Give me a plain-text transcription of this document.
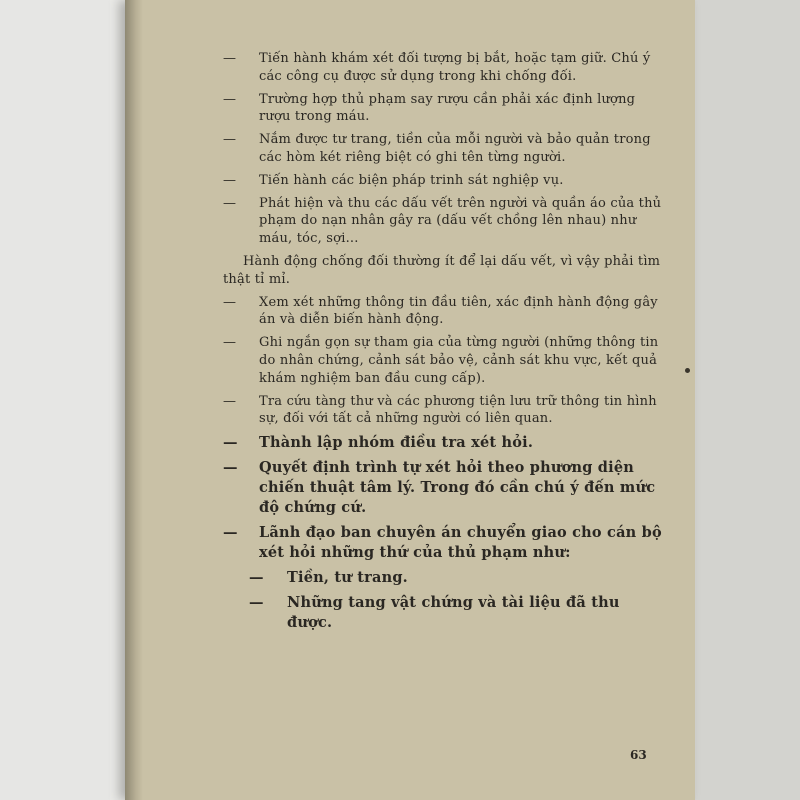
—	Tiến hành khám xét đối tượng bị bắt, hoặc tạm giữ. Chú ý các công cụ được sử dụng trong khi chống đối.
—	Trường hợp thủ phạm say rượu cần phải xác định lượng rượu trong máu.
—	Nắm được tư trang, tiền của mỗi người và bảo quản trong các hòm két riêng biệt có ghi tên từng người.
—	Tiến hành các biện pháp trinh sát nghiệp vụ.
—	Phát hiện và thu các dấu vết trên người và quần áo của thủ phạm do nạn nhân gây ra (dấu vết chồng lên nhau) như máu, tóc, sợi...
Hành động chống đối thường ít để lại dấu vết, vì vậy phải tìm thật tỉ mỉ.
—	Xem xét những thông tin đầu tiên, xác định hành động gây án và diễn biến hành động.
—	Ghi ngắn gọn sự tham gia của từng người (những thông tin do nhân chứng, cảnh sát bảo vệ, cảnh sát khu vực, kết quả khám nghiệm ban đầu cung cấp).
—	Tra cứu tàng thư và các phương tiện lưu trữ thông tin hình sự, đối với tất cả những người có liên quan.
—	Thành lập nhóm điều tra xét hỏi.
—	Quyết định trình tự xét hỏi theo phương diện chiến thuật tâm lý. Trong đó cần chú ý đến mức độ chứng cứ.
—	Lãnh đạo ban chuyên án chuyển giao cho cán bộ xét hỏi những thứ của thủ phạm như:
—	Tiền, tư trang.
—	Những tang vật chứng và tài liệu đã thu được.
63
